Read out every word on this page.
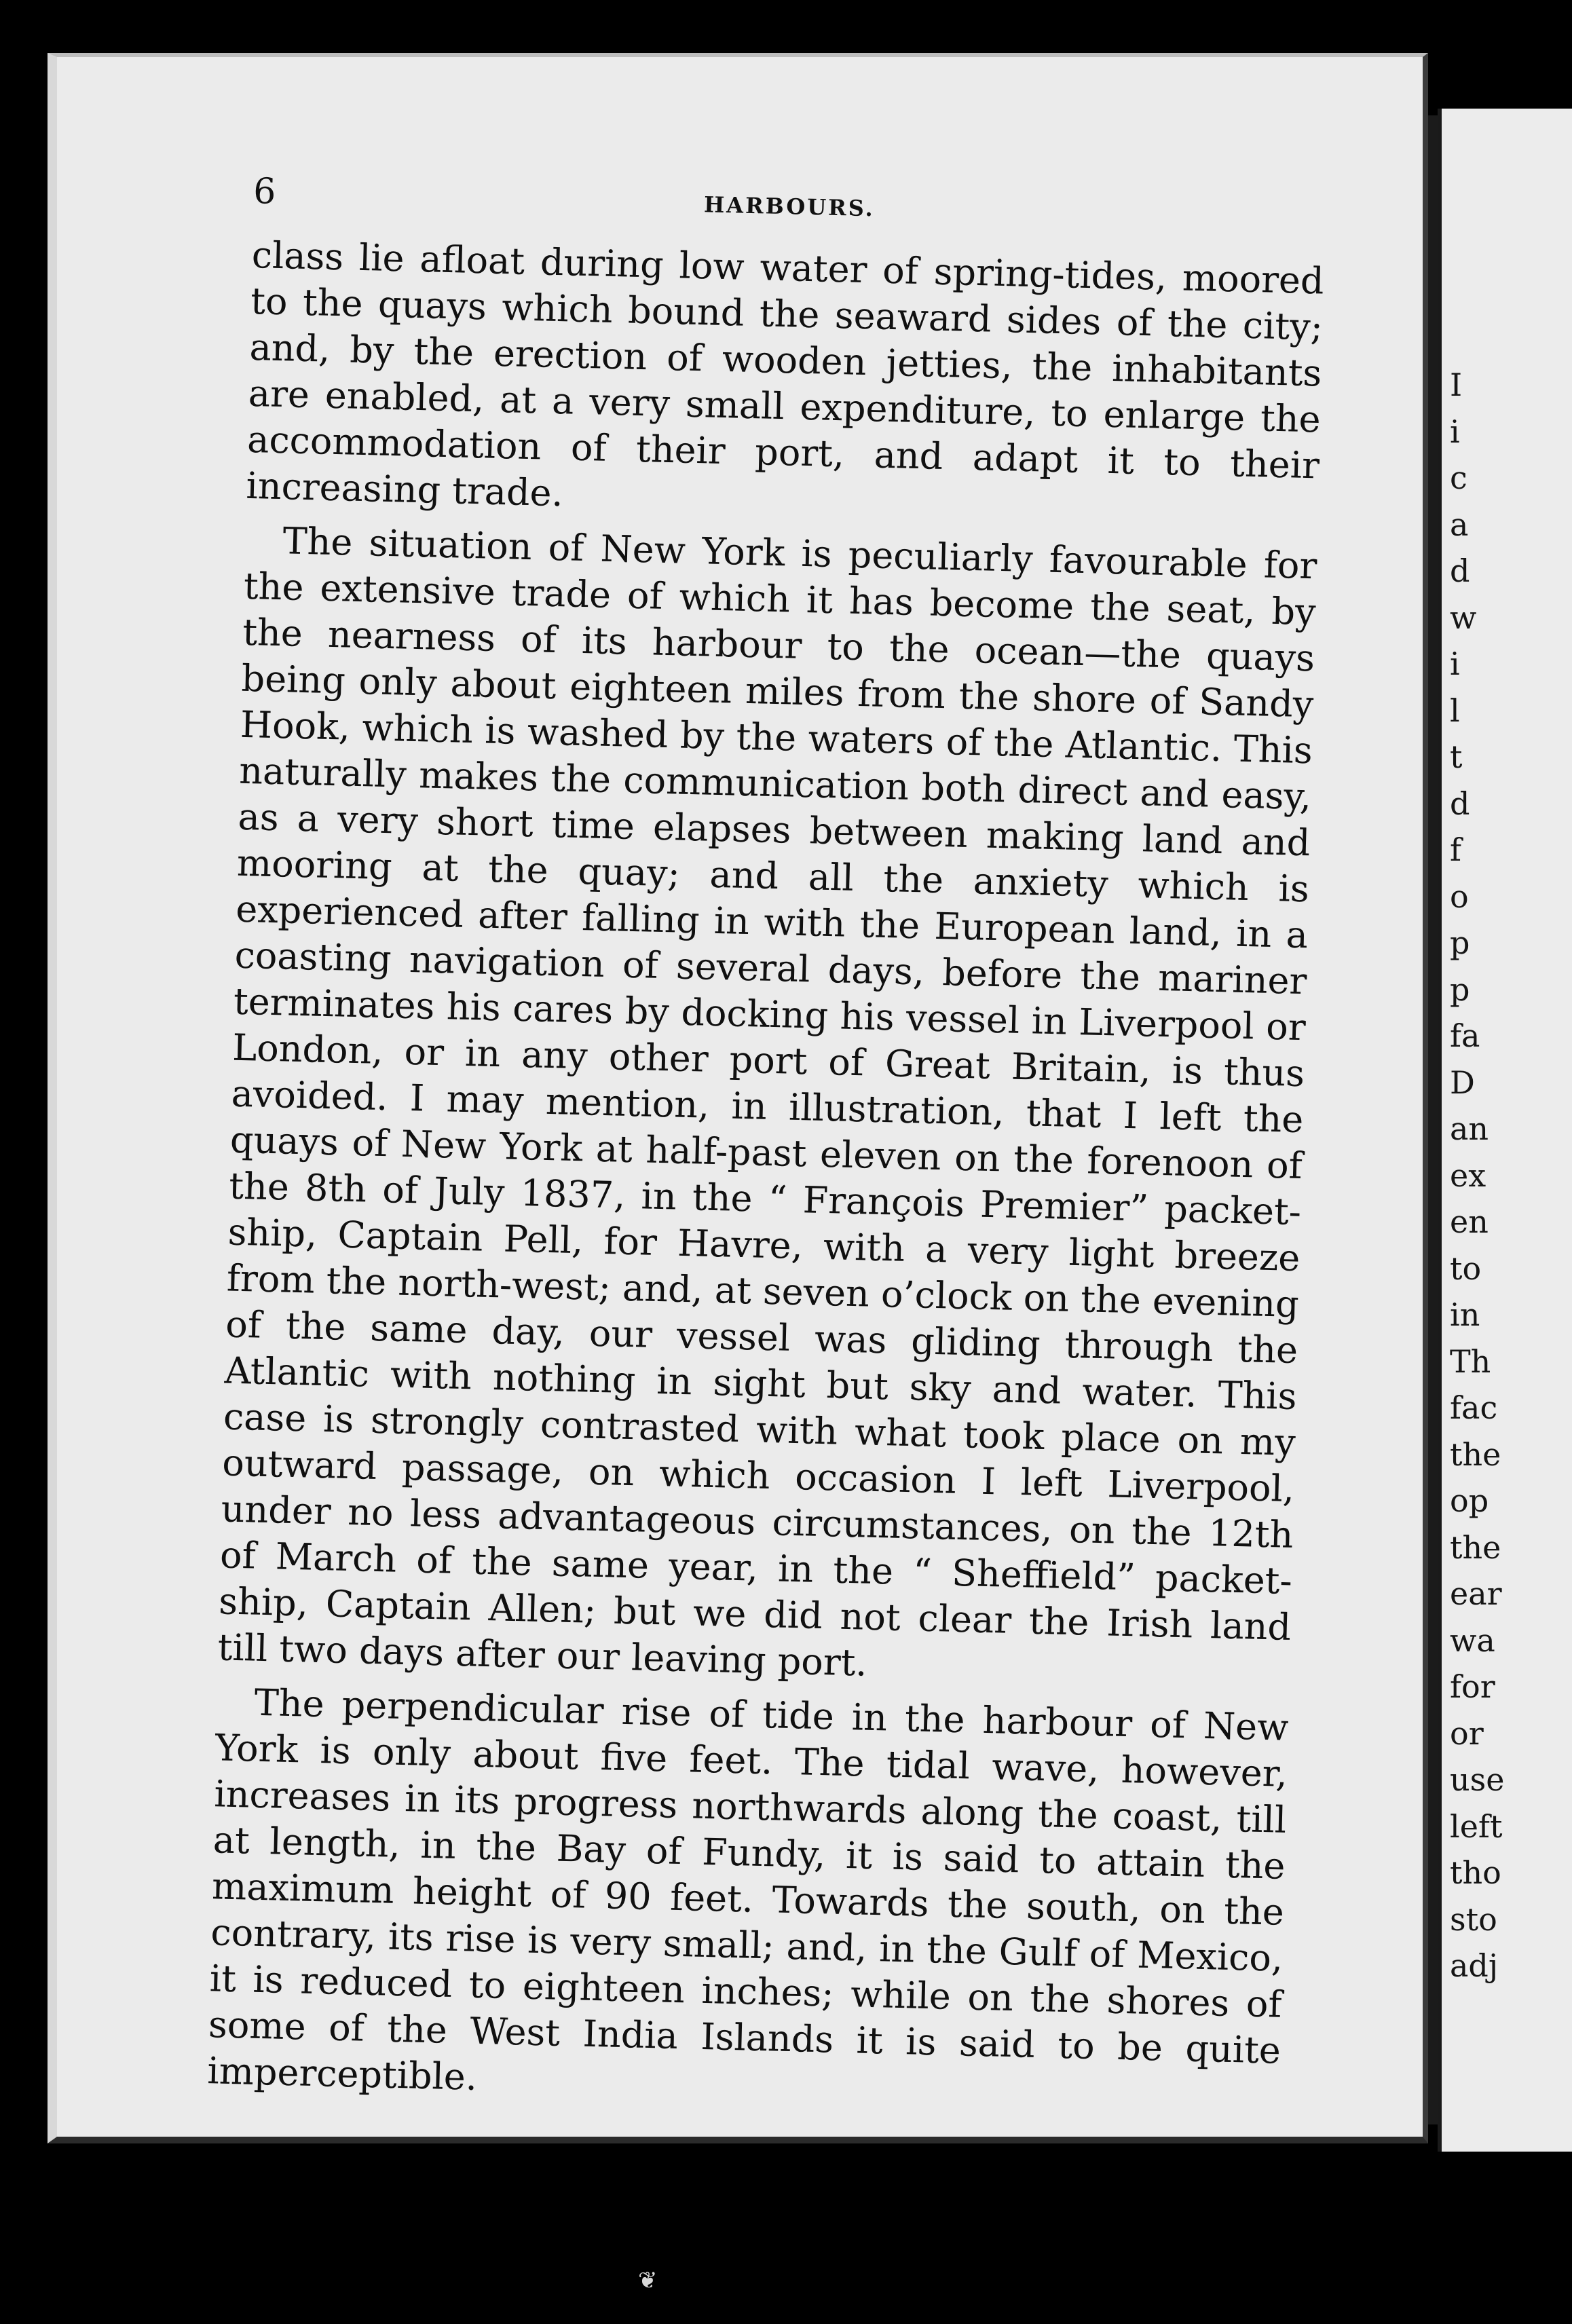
6	HARBOURS.

class lie afloat during low water of spring-tides, moored to the quays which bound the seaward sides of the city; and, by the erection of wooden jetties, the inhabitants are enabled, at a very small expenditure, to enlarge the accommodation of their port, and adapt it to their increasing trade.

The situation of New York is peculiarly favourable for the extensive trade of which it has become the seat, by the nearness of its harbour to the ocean—the quays being only about eighteen miles from the shore of Sandy Hook, which is washed by the waters of the Atlantic. This naturally makes the communication both direct and easy, as a very short time elapses between making land and mooring at the quay; and all the anxiety which is experienced after falling in with the European land, in a coasting navigation of several days, before the mariner terminates his cares by docking his vessel in Liverpool or London, or in any other port of Great Britain, is thus avoided. I may mention, in illustration, that I left the quays of New York at half-past eleven on the forenoon of the 8th of July 1837, in the “ François Premier” packet-ship, Captain Pell, for Havre, with a very light breeze from the north-west; and, at seven o’clock on the evening of the same day, our vessel was gliding through the Atlantic with nothing in sight but sky and water. This case is strongly contrasted with what took place on my outward passage, on which occasion I left Liverpool, under no less advantageous circumstances, on the 12th of March of the same year, in the “ Sheffield” packet-ship, Captain Allen; but we did not clear the Irish land till two days after our leaving port.

The perpendicular rise of tide in the harbour of New York is only about five feet. The tidal wave, however, increases in its progress northwards along the coast, till at length, in the Bay of Fundy, it is said to attain the maximum height of 90 feet. Towards the south, on the contrary, its rise is very small; and, in the Gulf of Mexico, it is reduced to eighteen inches; while on the shores of some of the West India Islands it is said to be quite imperceptible.

I
i
c
a
d
w
i
l
t
d
f
o
p
p
fa
D
an
ex
en
to
in
Th
fac
the
op
the
ear
wa
for
or
use
left
tho
sto
adj
❦
